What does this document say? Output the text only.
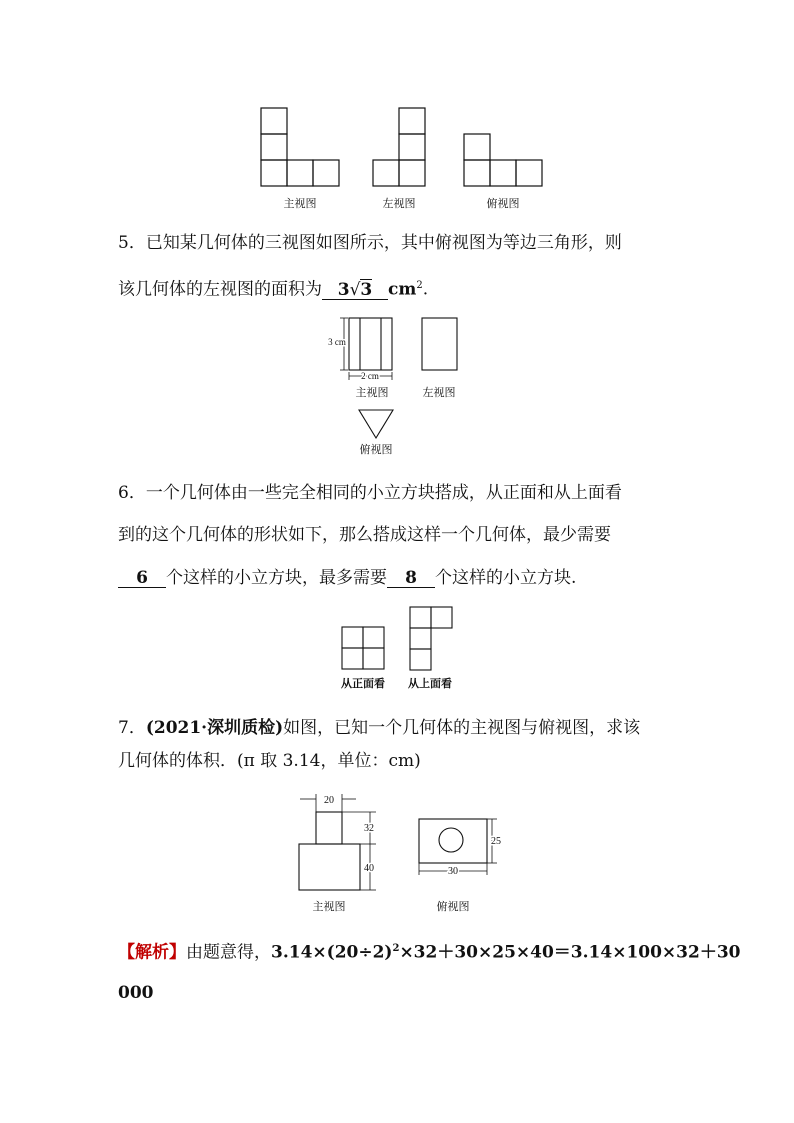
主视图	左视图	俯视图
5．已知某几何体的三视图如图所示，其中俯视图为等边三角形，则
该几何体的左视图的面积为 3√3 $cm^2$.
3 cm
2 cm
主视图	左视图
俯视图
6．一个几何体由一些完全相同的小立方块搭成，从正面和从上面看
到的这个几何体的形状如下，那么搭成这样一个几何体，最少需要
6 个这样的小立方块，最多需要 8 个这样的小立方块.
从正面看 从上面看
7．(2021·深圳质检)如图，已知一个几何体的主视图与俯视图，求该
几何体的体积．(π 取 3.14，单位：cm)
20
32
40
25
30
主视图	俯视图
【解析】由题意得，$3.14\times(20\div 2)^2\times 32+30\times 25\times 40=3.14\times 100\times 32+30$
000
